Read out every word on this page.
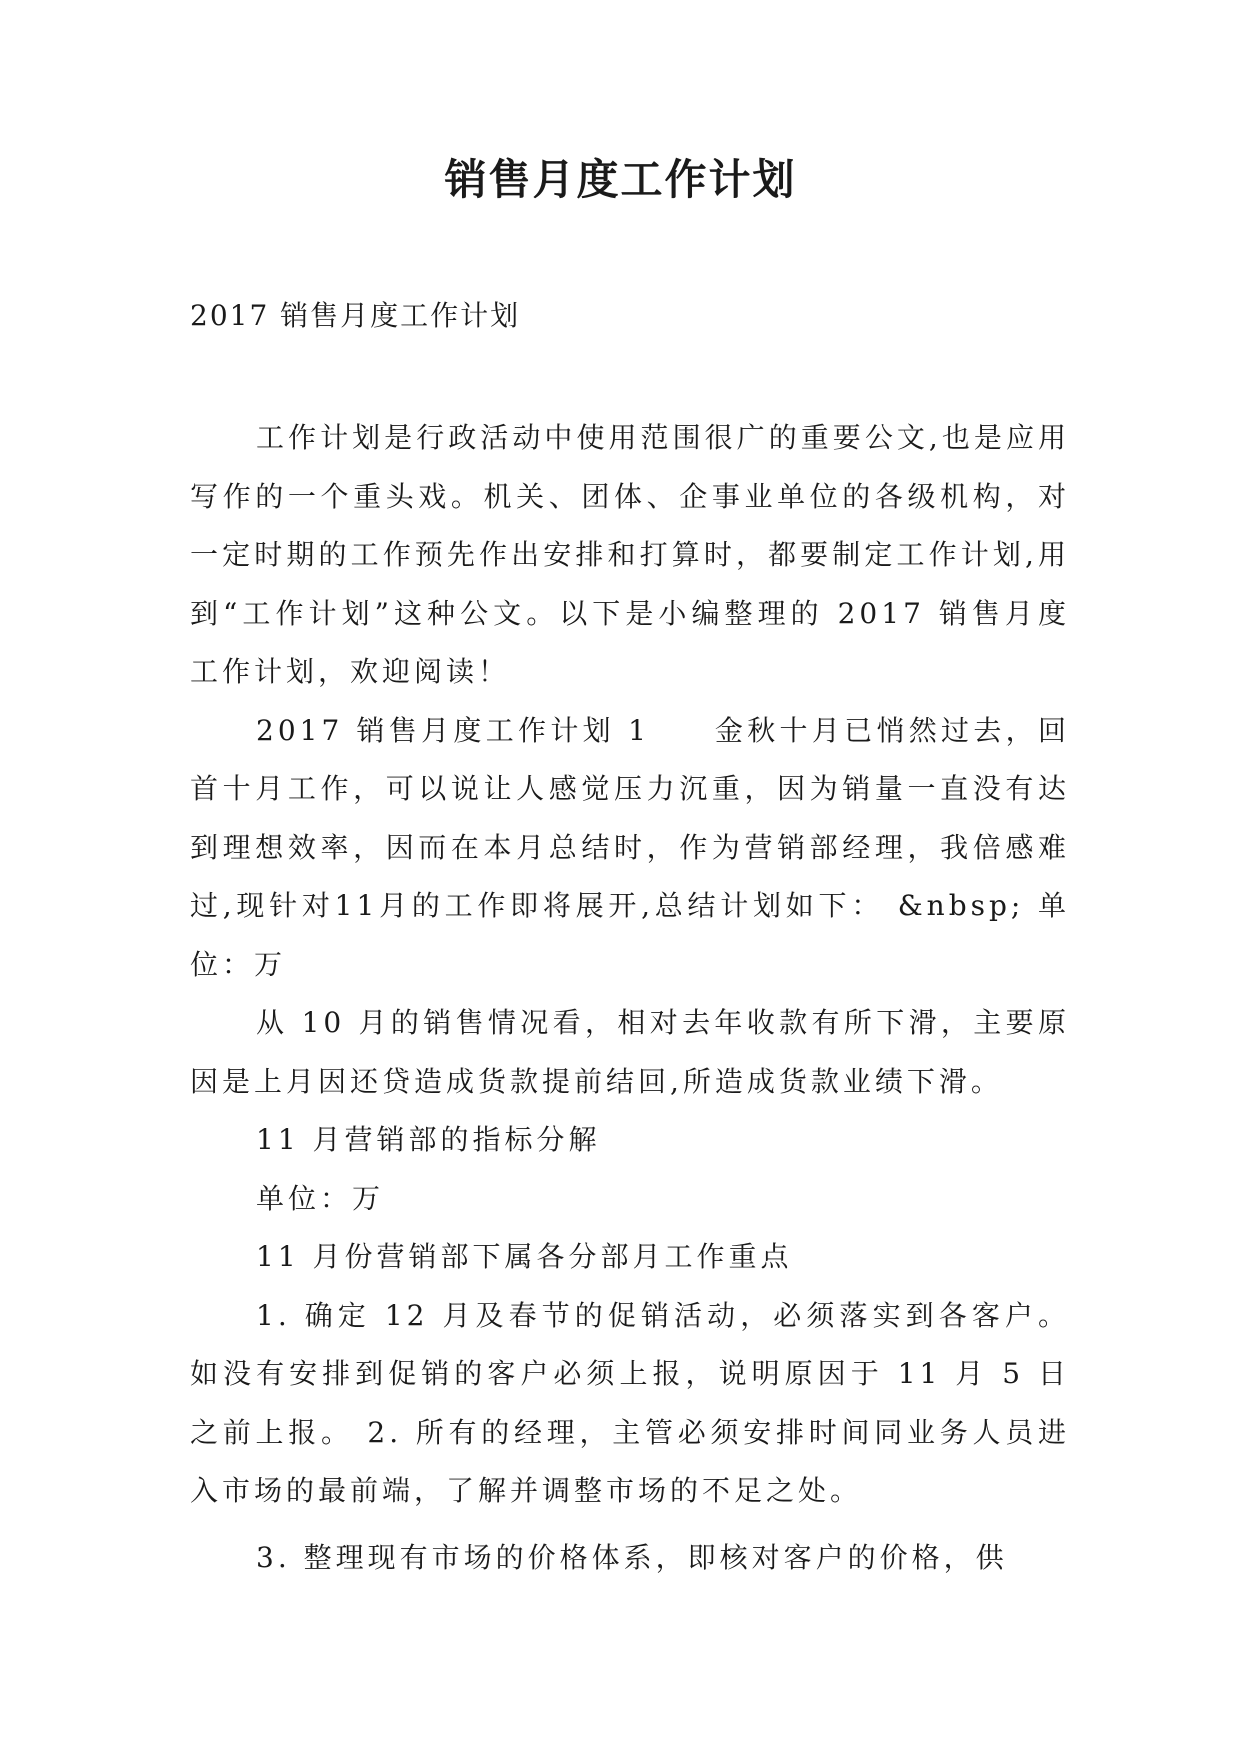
销售月度工作计划

2017 销售月度工作计划

工作计划是行政活动中使用范围很广的重要公文,也是应用写作的一个重头戏。机关、团体、企事业单位的各级机构，对一定时期的工作预先作出安排和打算时，都要制定工作计划,用到“工作计划”这种公文。以下是小编整理的 2017 销售月度工作计划，欢迎阅读！

2017 销售月度工作计划 1　　金秋十月已悄然过去，回首十月工作，可以说让人感觉压力沉重，因为销量一直没有达到理想效率，因而在本月总结时，作为营销部经理，我倍感难过,现针对11月的工作即将展开,总结计划如下： &nbsp; 单位：万

从 10 月的销售情况看，相对去年收款有所下滑，主要原因是上月因还贷造成货款提前结回,所造成货款业绩下滑。

11 月营销部的指标分解

单位：万

11 月份营销部下属各分部月工作重点

1. 确定 12 月及春节的促销活动，必须落实到各客户。如没有安排到促销的客户必须上报，说明原因于 11 月 5 日之前上报。 2. 所有的经理，主管必须安排时间同业务人员进入市场的最前端，了解并调整市场的不足之处。

3. 整理现有市场的价格体系，即核对客户的价格，供
